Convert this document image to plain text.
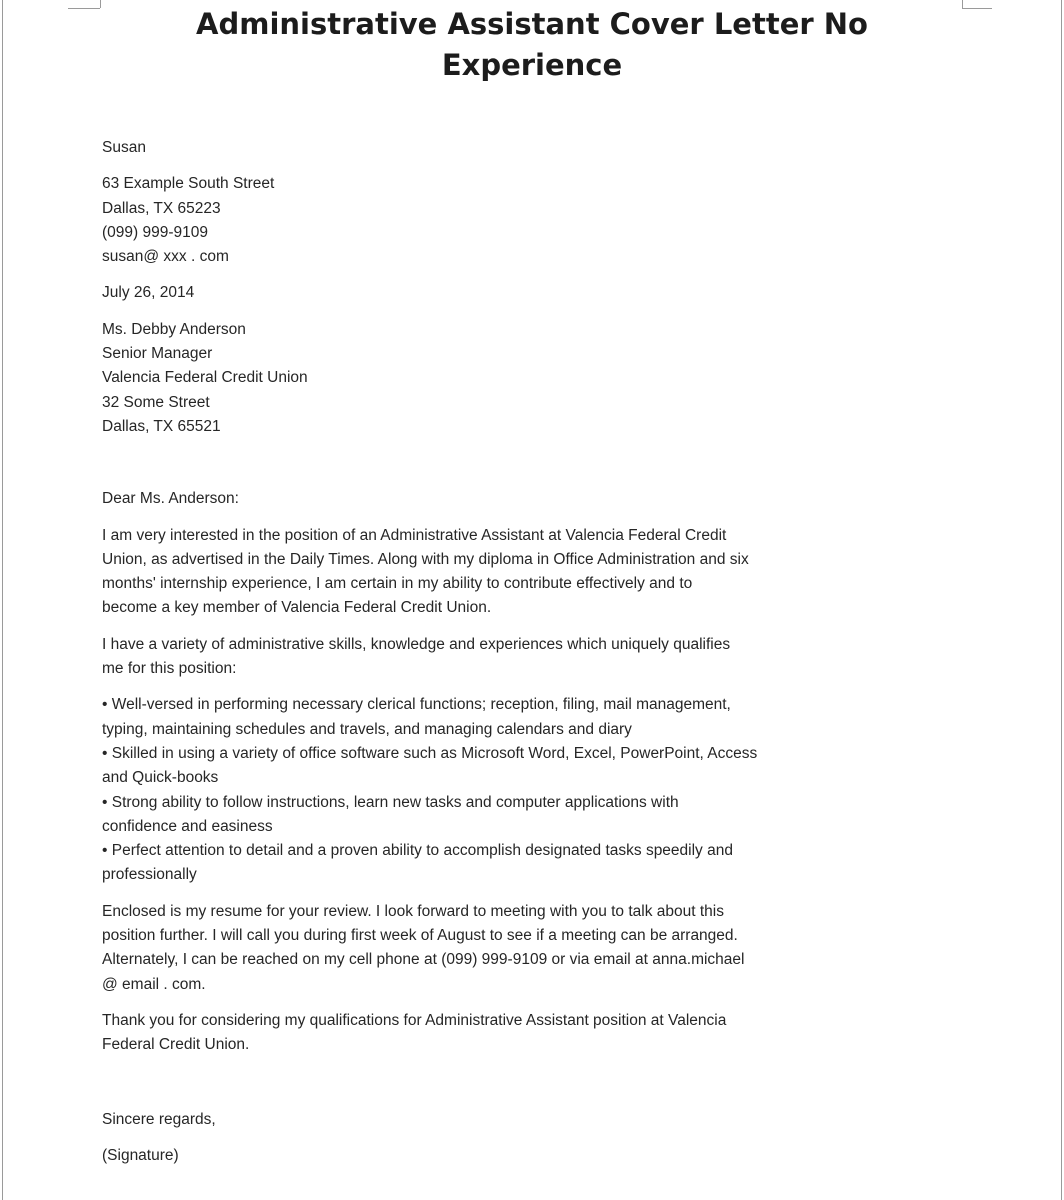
Administrative Assistant Cover Letter No
Experience
Susan
63 Example South Street
Dallas, TX 65223
(099) 999-9109
susan@ xxx . com
July 26, 2014
Ms. Debby Anderson
Senior Manager
Valencia Federal Credit Union
32 Some Street
Dallas, TX 65521
Dear Ms. Anderson:
I am very interested in the position of an Administrative Assistant at Valencia Federal Credit
Union, as advertised in the Daily Times. Along with my diploma in Office Administration and six
months' internship experience, I am certain in my ability to contribute effectively and to
become a key member of Valencia Federal Credit Union.
I have a variety of administrative skills, knowledge and experiences which uniquely qualifies
me for this position:
• Well-versed in performing necessary clerical functions; reception, filing, mail management,
typing, maintaining schedules and travels, and managing calendars and diary
• Skilled in using a variety of office software such as Microsoft Word, Excel, PowerPoint, Access
and Quick-books
• Strong ability to follow instructions, learn new tasks and computer applications with
confidence and easiness
• Perfect attention to detail and a proven ability to accomplish designated tasks speedily and
professionally
Enclosed is my resume for your review. I look forward to meeting with you to talk about this
position further. I will call you during first week of August to see if a meeting can be arranged.
Alternately, I can be reached on my cell phone at (099) 999-9109 or via email at anna.michael
@ email . com.
Thank you for considering my qualifications for Administrative Assistant position at Valencia
Federal Credit Union.
Sincere regards,
(Signature)
